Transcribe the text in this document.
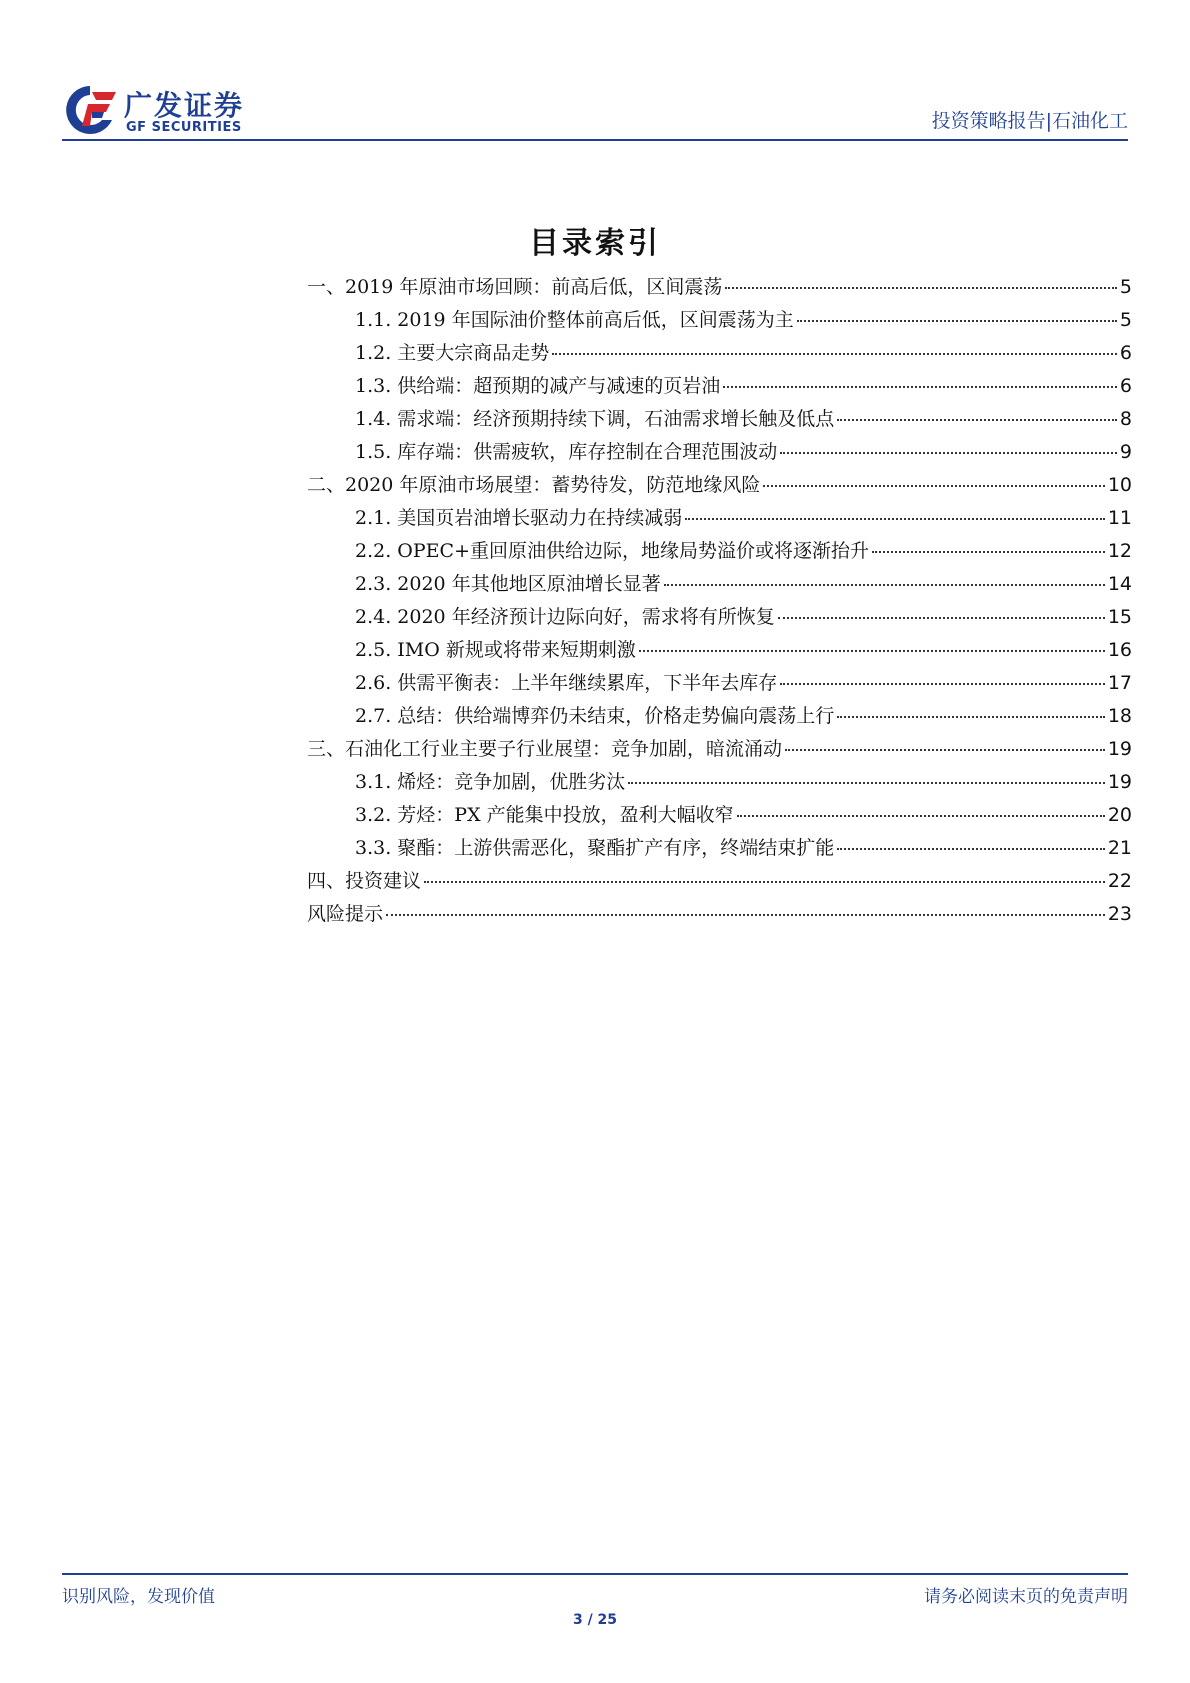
广发证券
GF SECURITIES	投资策略报告|石油化工
目录索引
一、2019 年原油市场回顾：前高后低，区间震荡	5
1.1. 2019 年国际油价整体前高后低，区间震荡为主	5
1.2. 主要大宗商品走势	6
1.3. 供给端：超预期的减产与减速的页岩油	6
1.4. 需求端：经济预期持续下调，石油需求增长触及低点	8
1.5. 库存端：供需疲软，库存控制在合理范围波动	9
二、2020 年原油市场展望：蓄势待发，防范地缘风险	10
2.1. 美国页岩油增长驱动力在持续减弱	11
2.2. OPEC+重回原油供给边际，地缘局势溢价或将逐渐抬升	12
2.3. 2020 年其他地区原油增长显著	14
2.4. 2020 年经济预计边际向好，需求将有所恢复	15
2.5. IMO 新规或将带来短期刺激	16
2.6. 供需平衡表：上半年继续累库，下半年去库存	17
2.7. 总结：供给端博弈仍未结束，价格走势偏向震荡上行	18
三、石油化工行业主要子行业展望：竞争加剧，暗流涌动	19
3.1. 烯烃：竞争加剧，优胜劣汰	19
3.2. 芳烃：PX 产能集中投放，盈利大幅收窄	20
3.3. 聚酯：上游供需恶化，聚酯扩产有序，终端结束扩能	21
四、投资建议	22
风险提示	23
识别风险，发现价值	请务必阅读末页的免责声明
3 / 25
